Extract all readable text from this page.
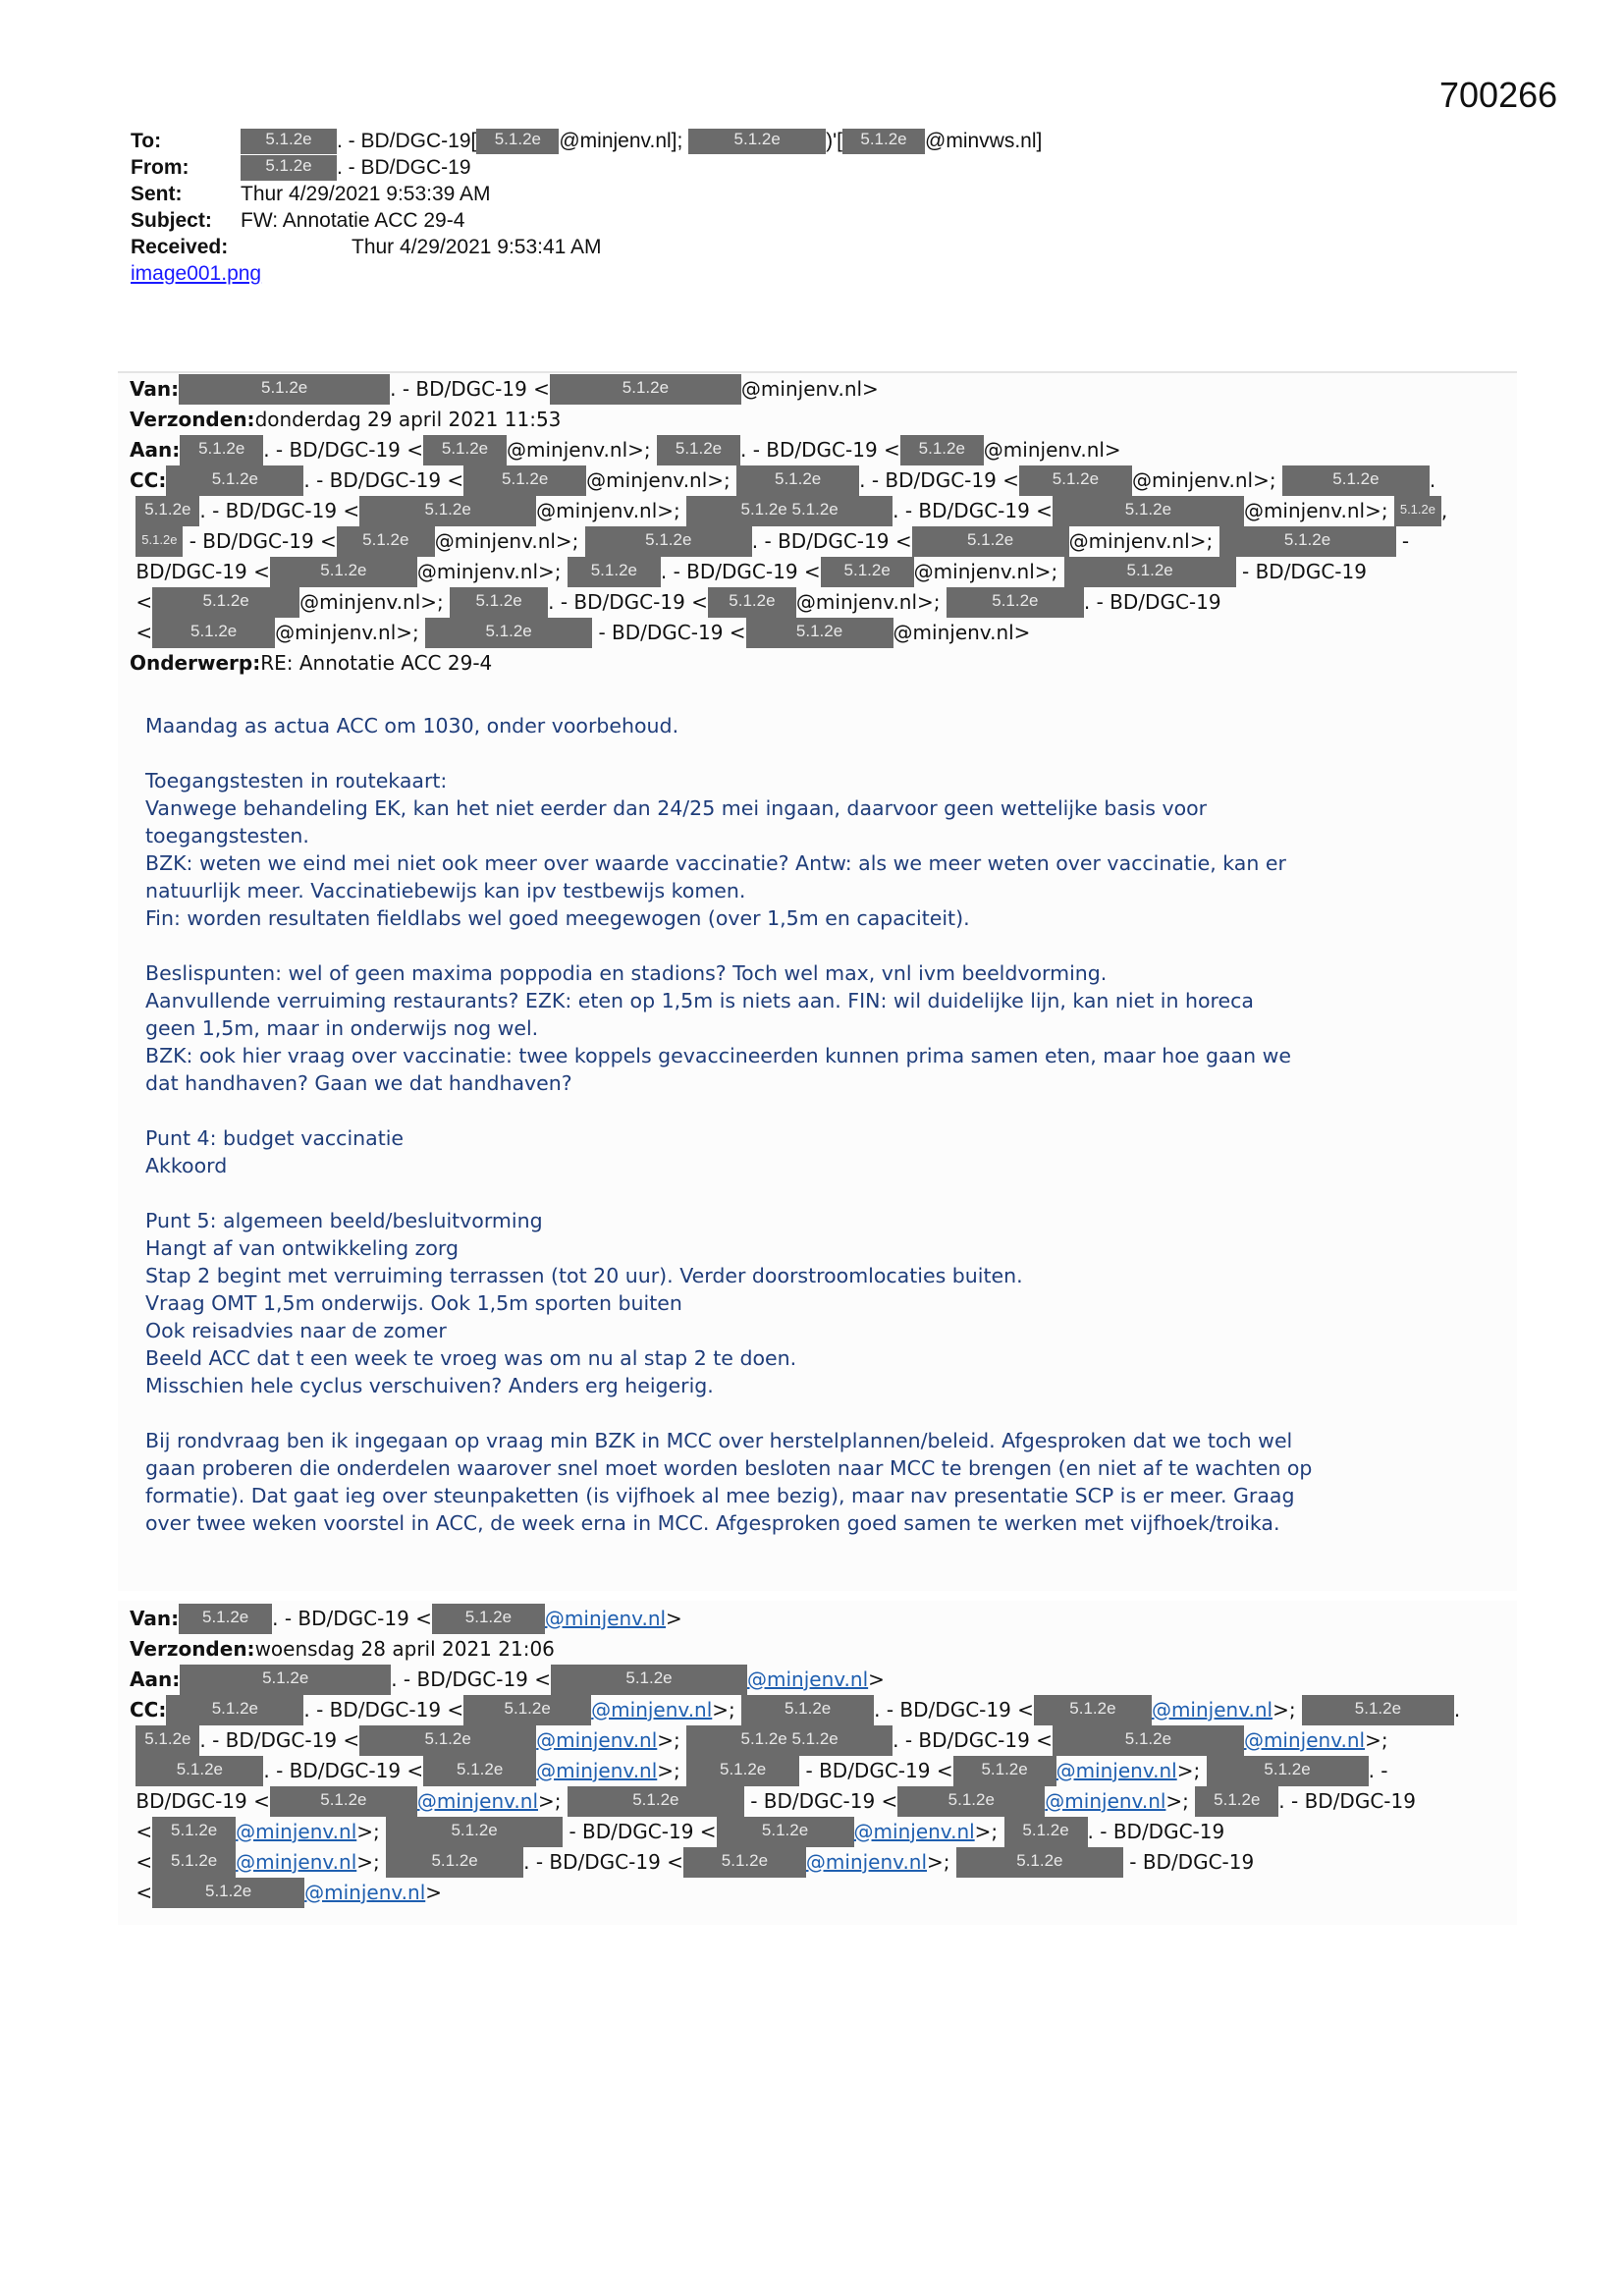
700266
To:	5.1.2e	. - BD/DGC-19[	5.1.2e @minjenv.nl];	5.1.2e	)'[	5.1.2e @minvws.nl]
From:	5.1.2e	. - BD/DGC-19
Sent:	Thur 4/29/2021 9:53:39 AM
Subject:	FW: Annotatie ACC 29-4
Received:	Thur 4/29/2021 9:53:41 AM
image001.png
Van:	5.1.2e	. - BD/DGC-19 <	5.1.2e	@minjenv.nl>
Verzonden: donderdag 29 april 2021 11:53
Aan:	5.1.2e . - BD/DGC-19 <	5.1.2e @minjenv.nl>;	5.1.2e . - BD/DGC-19 <	5.1.2e @minjenv.nl>
CC:	5.1.2e	. - BD/DGC-19 <	5.1.2e	@minjenv.nl>;	5.1.2e	. - BD/DGC-19 <	5.1.2e	@minjenv.nl>;	5.1.2e	.

5.1.2e . - BD/DGC-19 <	5.1.2e	@minjenv.nl>;	5.1.2e 5.1.2e	. - BD/DGC-19 <	5.1.2e	@minjenv.nl>; 5.1.2e ,

5.1.2e - BD/DGC-19 <	5.1.2e	@minjenv.nl>;	5.1.2e	. - BD/DGC-19 <	5.1.2e	@minjenv.nl>;	5.1.2e	-
BD/DGC-19 <	5.1.2e	@minjenv.nl>;	5.1.2e	. - BD/DGC-19 <	5.1.2e	@minjenv.nl>;	5.1.2e	- BD/DGC-19
<	5.1.2e	@minjenv.nl>;	5.1.2e	. - BD/DGC-19 <	5.1.2e	@minjenv.nl>;	5.1.2e	. - BD/DGC-19
<	5.1.2e	@minjenv.nl>;	5.1.2e	- BD/DGC-19 <	5.1.2e	@minjenv.nl>
Onderwerp: RE: Annotatie ACC 29-4
Maandag as actua ACC om 1030, onder voorbehoud.
Toegangstesten in routekaart:
Vanwege behandeling EK, kan het niet eerder dan 24/25 mei ingaan, daarvoor geen wettelijke basis voor
toegangstesten.
BZK: weten we eind mei niet ook meer over waarde vaccinatie? Antw: als we meer weten over vaccinatie, kan er
natuurlijk meer. Vaccinatiebewijs kan ipv testbewijs komen.
Fin: worden resultaten fieldlabs wel goed meegewogen (over 1,5m en capaciteit).
Beslispunten: wel of geen maxima poppodia en stadions? Toch wel max, vnl ivm beeldvorming.
Aanvullende verruiming restaurants? EZK: eten op 1,5m is niets aan. FIN: wil duidelijke lijn, kan niet in horeca
geen 1,5m, maar in onderwijs nog wel.
BZK: ook hier vraag over vaccinatie: twee koppels gevaccineerden kunnen prima samen eten, maar hoe gaan we
dat handhaven? Gaan we dat handhaven?
Punt 4: budget vaccinatie
Akkoord
Punt 5: algemeen beeld/besluitvorming
Hangt af van ontwikkeling zorg
Stap 2 begint met verruiming terrassen (tot 20 uur). Verder doorstroomlocaties buiten.
Vraag OMT 1,5m onderwijs. Ook 1,5m sporten buiten
Ook reisadvies naar de zomer
Beeld ACC dat t een week te vroeg was om nu al stap 2 te doen.
Misschien hele cyclus verschuiven? Anders erg heigerig.
Bij rondvraag ben ik ingegaan op vraag min BZK in MCC over herstelplannen/beleid. Afgesproken dat we toch wel
gaan proberen die onderdelen waarover snel moet worden besloten naar MCC te brengen (en niet af te wachten op
formatie). Dat gaat ieg over steunpaketten (is vijfhoek al mee bezig), maar nav presentatie SCP is er meer. Graag
over twee weken voorstel in ACC, de week erna in MCC. Afgesproken goed samen te werken met vijfhoek/troika.
Van:	5.1.2e	. - BD/DGC-19 <	5.1.2e	@minjenv.nl >
Verzonden: woensdag 28 april 2021 21:06
Aan:	5.1.2e	. - BD/DGC-19 <	5.1.2e	@minjenv.nl >
CC:	5.1.2e	. - BD/DGC-19 <	5.1.2e	@minjenv.nl >;	5.1.2e	. - BD/DGC-19 <	5.1.2e	@minjenv.nl >;	5.1.2e	.

5.1.2e . - BD/DGC-19 <	5.1.2e	@minjenv.nl >;	5.1.2e 5.1.2e	. - BD/DGC-19 <	5.1.2e	@minjenv.nl >;

5.1.2e	. - BD/DGC-19 <	5.1.2e	@minjenv.nl >;	5.1.2e	- BD/DGC-19 <	5.1.2e	@minjenv.nl >;	5.1.2e	. -
BD/DGC-19 <	5.1.2e	@minjenv.nl >;	5.1.2e	- BD/DGC-19 <	5.1.2e	@minjenv.nl >;	5.1.2e . - BD/DGC-19
<	5.1.2e @minjenv.nl >;	5.1.2e	- BD/DGC-19 <	5.1.2e	@minjenv.nl >;	5.1.2e . - BD/DGC-19
<	5.1.2e @minjenv.nl >;	5.1.2e	. - BD/DGC-19 <	5.1.2e	@minjenv.nl >;	5.1.2e	- BD/DGC-19
<	5.1.2e	@minjenv.nl >
